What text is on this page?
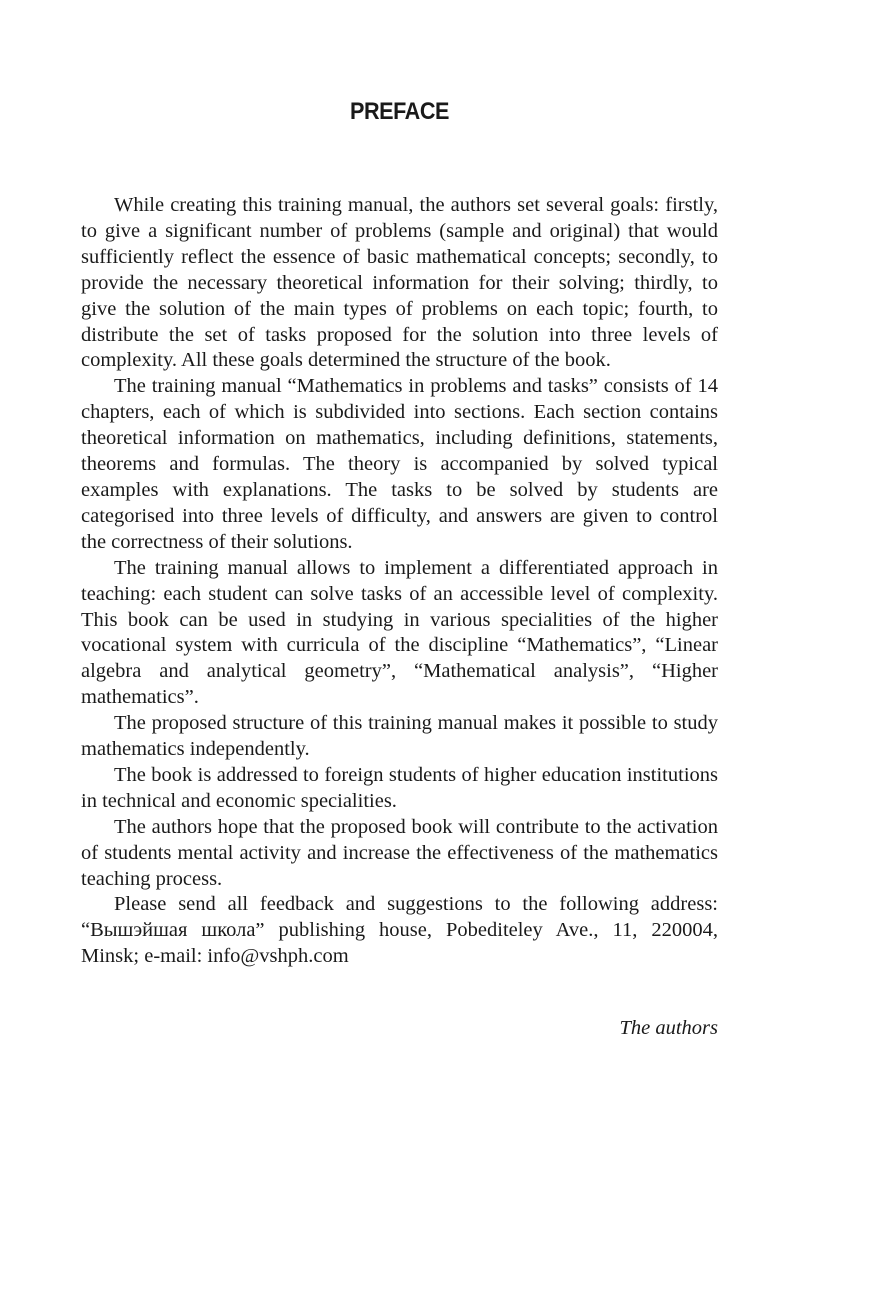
PREFACE

While creating this training manual, the authors set several goals: firstly, to give a significant number of problems (sample and original) that would sufficiently reflect the essence of basic mathematical concepts; secondly, to provide the necessary theoretical information for their solving; thirdly, to give the solution of the main types of problems on each topic; fourth, to distribute the set of tasks proposed for the solution into three levels of complexity. All these goals determined the structure of the book.

The training manual “Mathematics in problems and tasks” consists of 14 chapters, each of which is subdivided into sections. Each section contains theoretical information on mathematics, including definitions, statements, theorems and formulas. The theory is accompanied by solved typical examples with explanations. The tasks to be solved by students are categorised into three levels of difficulty, and answers are given to control the correctness of their solutions.

The training manual allows to implement a differentiated approach in teaching: each student can solve tasks of an accessible level of complexity. This book can be used in studying in various specialities of the higher vocational system with curricula of the discipline “Mathematics”, “Linear algebra and analytical geometry”, “Mathematical analysis”, “Higher mathematics”.

The proposed structure of this training manual makes it possible to study mathematics independently.

The book is addressed to foreign students of higher education institutions in technical and economic specialities.

The authors hope that the proposed book will contribute to the activation of students mental activity and increase the effectiveness of the mathematics teaching process.

Please send all feedback and suggestions to the following address: “Вышэйшая школа” publishing house, Pobediteley Ave., 11, 220004, Minsk; e-mail: info@vshph.com

The authors
